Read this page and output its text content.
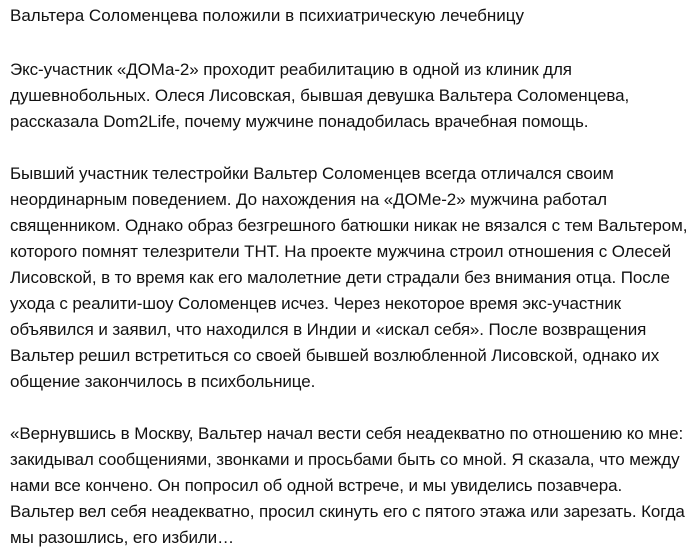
Вальтера Соломенцева положили в психиатрическую лечебницу

Экс-участник «ДОМа-2» проходит реабилитацию в одной из клиник для душевнобольных. Олеся Лисовская, бывшая девушка Вальтера Соломенцева, рассказала Dom2Life, почему мужчине понадобилась врачебная помощь.

Бывший участник телестройки Вальтер Соломенцев всегда отличался своим неординарным поведением. До нахождения на «ДОМе-2» мужчина работал священником. Однако образ безгрешного батюшки никак не вязался с тем Вальтером, которого помнят телезрители ТНТ. На проекте мужчина строил отношения с Олесей Лисовской, в то время как его малолетние дети страдали без внимания отца. После ухода с реалити-шоу Соломенцев исчез. Через некоторое время экс-участник объявился и заявил, что находился в Индии и «искал себя». После возвращения Вальтер решил встретиться со своей бывшей возлюбленной Лисовской, однако их общение закончилось в психбольнице.

«Вернувшись в Москву, Вальтер начал вести себя неадекватно по отношению ко мне: закидывал сообщениями, звонками и просьбами быть со мной. Я сказала, что между нами все кончено. Он попросил об одной встрече, и мы увиделись позавчера. Вальтер вел себя неадекватно, просил скинуть его с пятого этажа или зарезать. Когда мы разошлись, его избили…
